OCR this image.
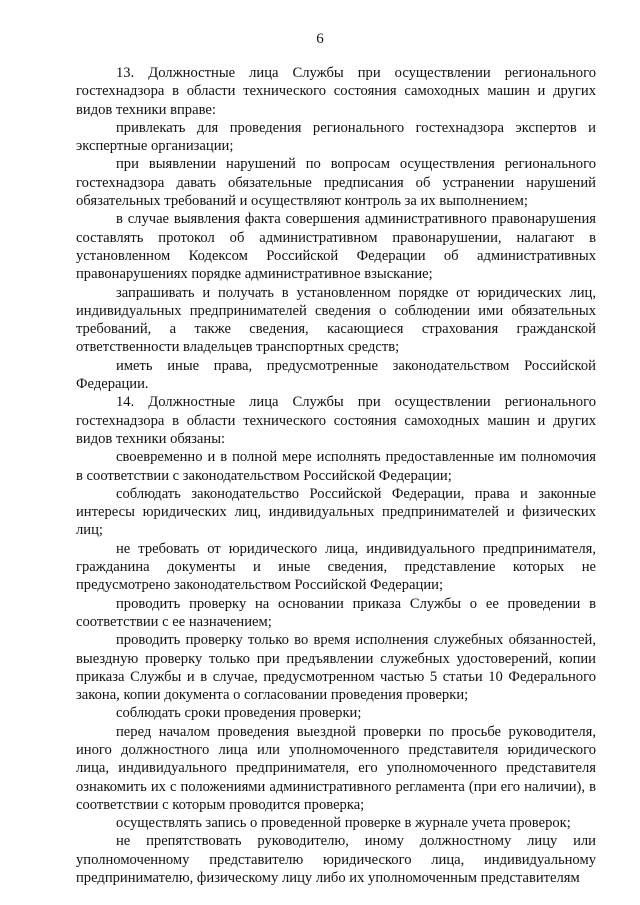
6

13. Должностные лица Службы при осуществлении регионального гостехнадзора в области технического состояния самоходных машин и других видов техники вправе:

привлекать для проведения регионального гостехнадзора экспертов и экспертные организации;

при выявлении нарушений по вопросам осуществления регионального гостехнадзора давать обязательные предписания об устранении нарушений обязательных требований и осуществляют контроль за их выполнением;

в случае выявления факта совершения административного правонарушения составлять протокол об административном правонарушении, налагают в установленном Кодексом Российской Федерации об административных правонарушениях порядке административное взыскание;

запрашивать и получать в установленном порядке от юридических лиц, индивидуальных предпринимателей сведения о соблюдении ими обязательных требований, а также сведения, касающиеся страхования гражданской ответственности владельцев транспортных средств;

иметь иные права, предусмотренные законодательством Российской Федерации.

14. Должностные лица Службы при осуществлении регионального гостехнадзора в области технического состояния самоходных машин и других видов техники обязаны:

своевременно и в полной мере исполнять предоставленные им полномочия в соответствии с законодательством Российской Федерации;

соблюдать законодательство Российской Федерации, права и законные интересы юридических лиц, индивидуальных предпринимателей и физических лиц;

не требовать от юридического лица, индивидуального предпринимателя, гражданина документы и иные сведения, представление которых не предусмотрено законодательством Российской Федерации;

проводить проверку на основании приказа Службы о ее проведении в соответствии с ее назначением;

проводить проверку только во время исполнения служебных обязанностей, выездную проверку только при предъявлении служебных удостоверений, копии приказа Службы и в случае, предусмотренном частью 5 статьи 10 Федерального закона, копии документа о согласовании проведения проверки;

соблюдать сроки проведения проверки;

перед началом проведения выездной проверки по просьбе руководителя, иного должностного лица или уполномоченного представителя юридического лица, индивидуального предпринимателя, его уполномоченного представителя ознакомить их с положениями административного регламента (при его наличии), в соответствии с которым проводится проверка;

осуществлять запись о проведенной проверке в журнале учета проверок;

не препятствовать руководителю, иному должностному лицу или уполномоченному представителю юридического лица, индивидуальному предпринимателю, физическому лицу либо их уполномоченным представителям
